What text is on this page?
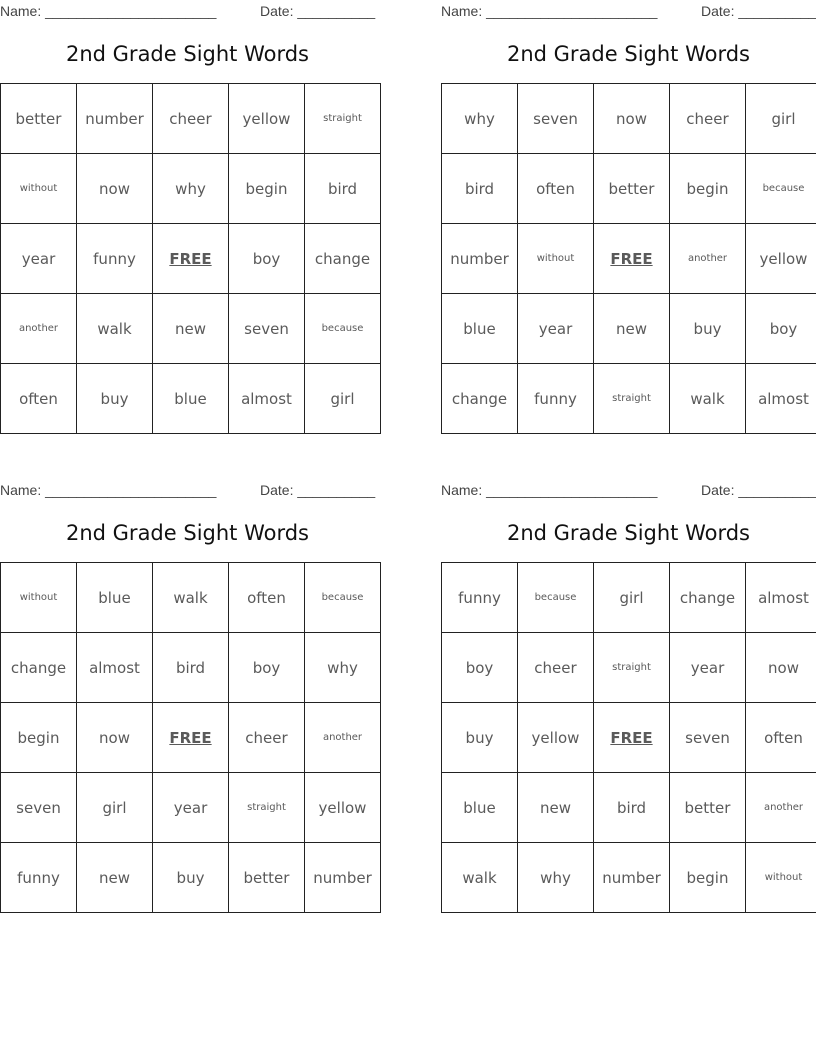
Name: ______________________	Date: __________
2nd Grade Sight Words
better	number	cheer	yellow	straight
without	now	why	begin	bird
year	funny	FREE	boy	change
another	walk	new	seven	because
often	buy	blue	almost	girl
Name: ______________________	Date: __________
2nd Grade Sight Words
why	seven	now	cheer	girl
bird	often	better	begin	because
number	without	FREE	another	yellow
blue	year	new	buy	boy
change	funny	straight	walk	almost
Name: ______________________	Date: __________
2nd Grade Sight Words
without	blue	walk	often	because
change	almost	bird	boy	why
begin	now	FREE	cheer	another
seven	girl	year	straight	yellow
funny	new	buy	better	number
Name: ______________________	Date: __________
2nd Grade Sight Words
funny	because	girl	change	almost
boy	cheer	straight	year	now
buy	yellow	FREE	seven	often
blue	new	bird	better	another
walk	why	number	begin	without
